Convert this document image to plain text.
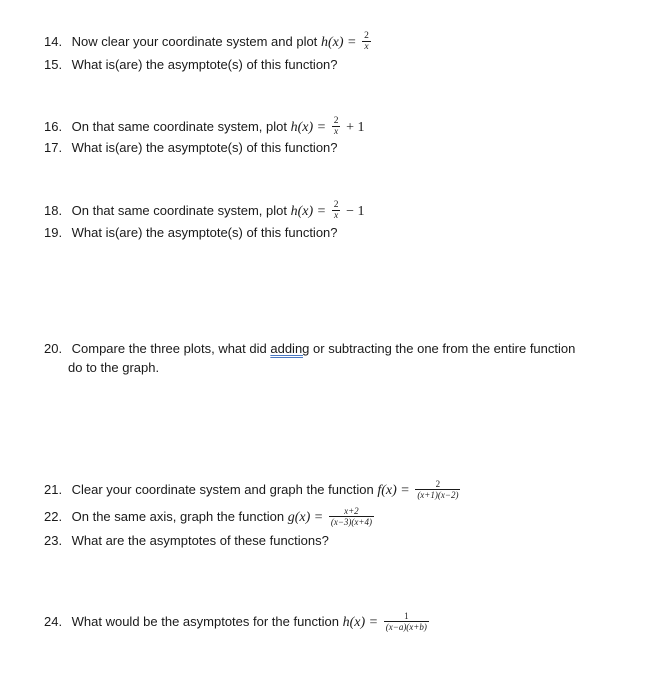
14. Now clear your coordinate system and plot $h(x) = \frac{2}{x}$
15. What is(are) the asymptote(s) of this function?
16. On that same coordinate system, plot $h(x) = \frac{2}{x} + 1$
17. What is(are) the asymptote(s) of this function?
18. On that same coordinate system, plot $h(x) = \frac{2}{x} - 1$
19. What is(are) the asymptote(s) of this function?
20. Compare the three plots, what did adding or subtracting the one from the entire function
do to the graph.
21. Clear your coordinate system and graph the function $f(x) = \frac{2}{(x+1)(x-2)}$
22. On the same axis, graph the function $g(x) = \frac{x+2}{(x-3)(x+4)}$
23. What are the asymptotes of these functions?
24. What would be the asymptotes for the function $h(x) = \frac{1}{(x-a)(x+b)}$
